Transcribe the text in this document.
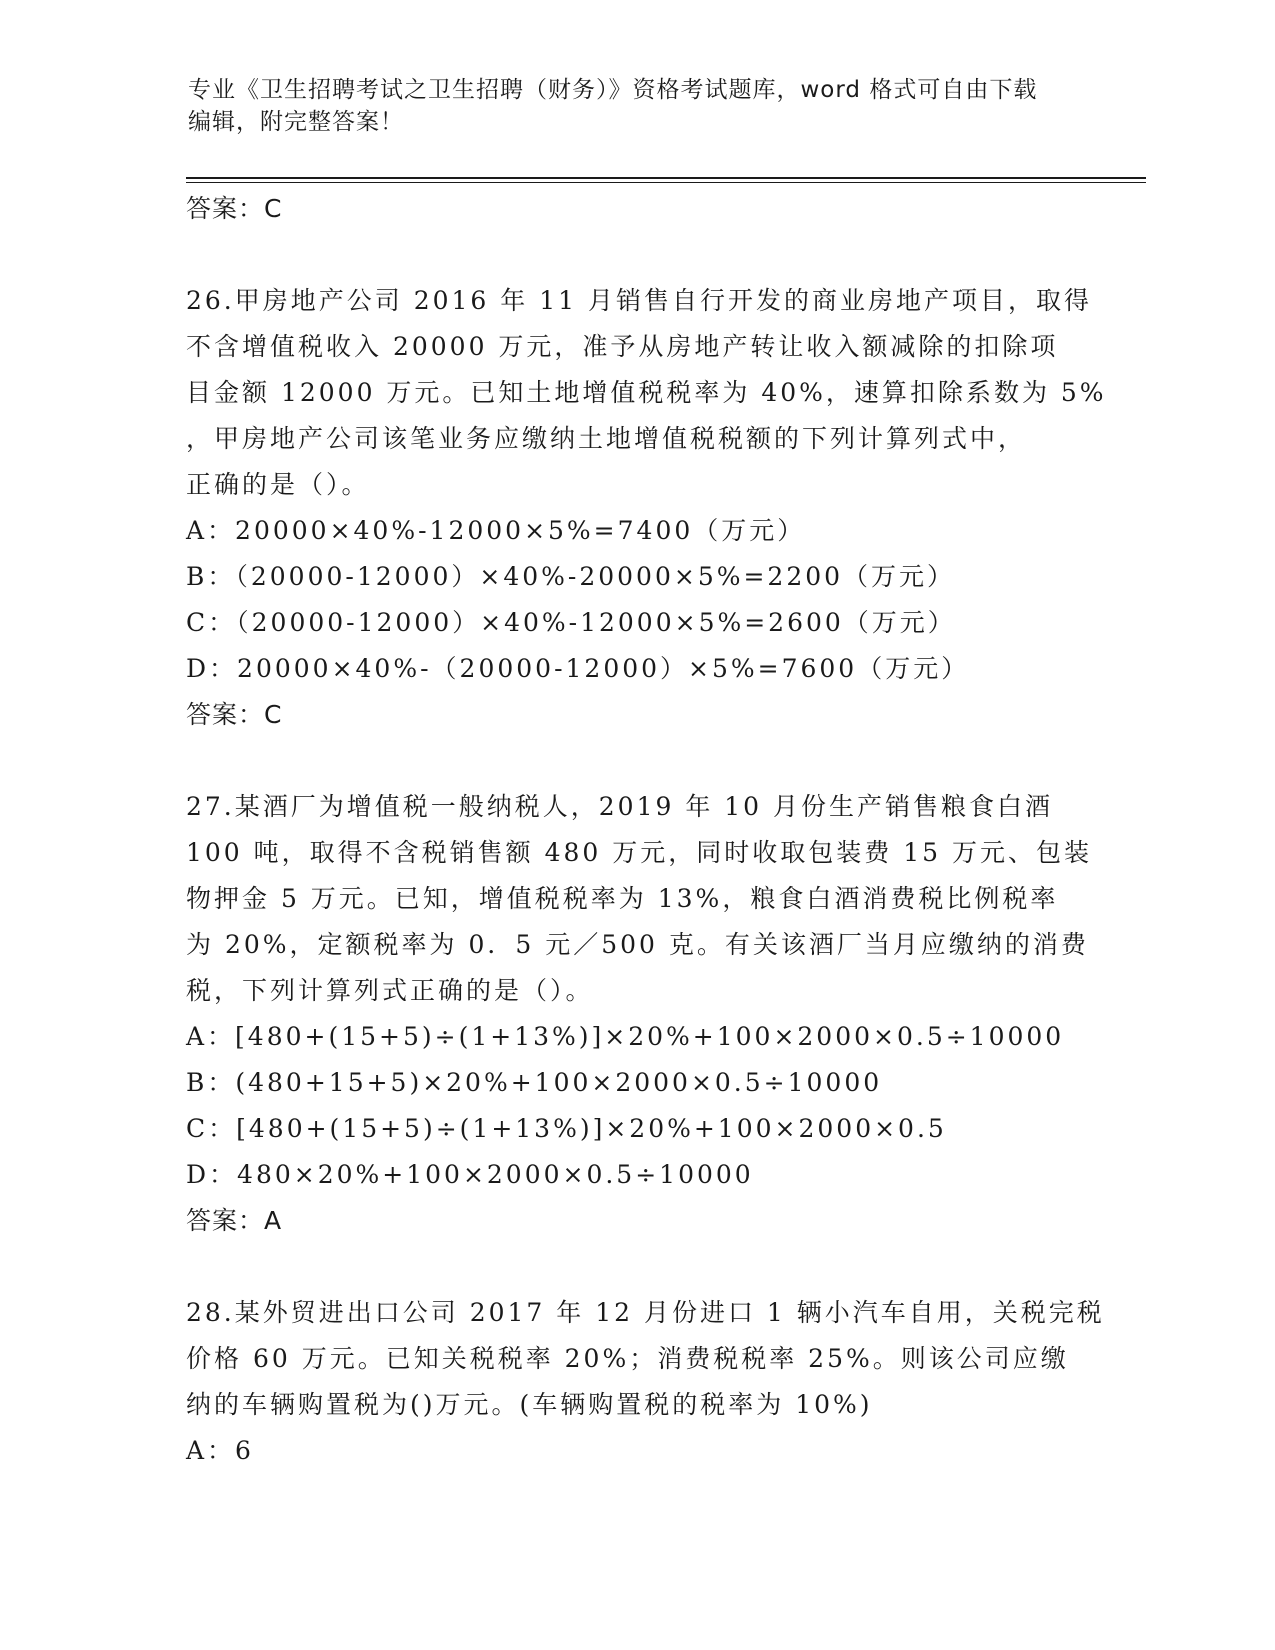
专业《卫生招聘考试之卫生招聘（财务）》资格考试题库，word 格式可自由下载
编辑，附完整答案！
答案：C
26.甲房地产公司 2016 年 11 月销售自行开发的商业房地产项目，取得
不含增值税收入 20000 万元，准予从房地产转让收入额减除的扣除项
目金额 12000 万元。已知土地增值税税率为 40%，速算扣除系数为 5%
，甲房地产公司该笔业务应缴纳土地增值税税额的下列计算列式中，
正确的是（）。
A：20000×40%-12000×5%=7400（万元）
B：（20000-12000）×40%-20000×5%=2200（万元）
C：（20000-12000）×40%-12000×5%=2600（万元）
D：20000×40%-（20000-12000）×5%=7600（万元）
答案：C
27.某酒厂为增值税一般纳税人，2019 年 10 月份生产销售粮食白酒
100 吨，取得不含税销售额 480 万元，同时收取包装费 15 万元、包装
物押金 5 万元。已知，增值税税率为 13%，粮食白酒消费税比例税率
为 20%，定额税率为 0．5 元／500 克。有关该酒厂当月应缴纳的消费
税，下列计算列式正确的是（）。
A：[480+(15+5)÷(1+13%)]×20%+100×2000×0.5÷10000
B：(480+15+5)×20%+100×2000×0.5÷10000
C：[480+(15+5)÷(1+13%)]×20%+100×2000×0.5
D：480×20%+100×2000×0.5÷10000
答案：A
28.某外贸进出口公司 2017 年 12 月份进口 1 辆小汽车自用，关税完税
价格 60 万元。已知关税税率 20%；消费税税率 25%。则该公司应缴
纳的车辆购置税为()万元。(车辆购置税的税率为 10%)
A：6
